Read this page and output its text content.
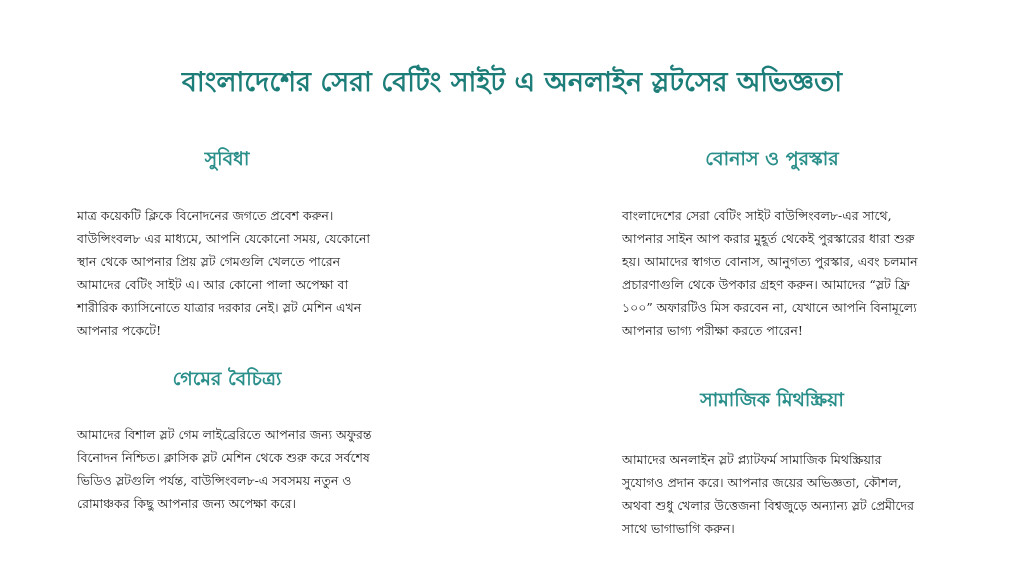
বাংলাদেশের সেরা বেটিং সাইট এ অনলাইন স্লটসের অভিজ্ঞতা
সুবিধা

মাত্র কয়েকটি ক্লিকে বিনোদনের জগতে প্রবেশ করুন। বাউন্সিংবল৮ এর মাধ্যমে, আপনি যেকোনো সময়, যেকোনো স্থান থেকে আপনার প্রিয় স্লট গেমগুলি খেলতে পারেন আমাদের বেটিং সাইট এ। আর কোনো পালা অপেক্ষা বা শারীরিক ক্যাসিনোতে যাত্রার দরকার নেই। স্লট মেশিন এখন আপনার পকেটে!

গেমের বৈচিত্র্য

আমাদের বিশাল স্লট গেম লাইব্রেরিতে আপনার জন্য অফুরন্ত বিনোদন নিশ্চিত। ক্লাসিক স্লট মেশিন থেকে শুরু করে সর্বশেষ ভিডিও স্লটগুলি পর্যন্ত, বাউন্সিংবল৮-এ সবসময় নতুন ও রোমাঞ্চকর কিছু আপনার জন্য অপেক্ষা করে।

বোনাস ও পুরস্কার

বাংলাদেশের সেরা বেটিং সাইট বাউন্সিংবল৮-এর সাথে, আপনার সাইন আপ করার মুহূর্ত থেকেই পুরস্কারের ধারা শুরু হয়। আমাদের স্বাগত বোনাস, আনুগত্য পুরস্কার, এবং চলমান প্রচারণাগুলি থেকে উপকার গ্রহণ করুন। আমাদের “স্লট ফ্রি ১০০” অফারটিও মিস করবেন না, যেখানে আপনি বিনামূল্যে আপনার ভাগ্য পরীক্ষা করতে পারেন!

সামাজিক মিথস্ক্রিয়া

আমাদের অনলাইন স্লট প্ল্যাটফর্ম সামাজিক মিথস্ক্রিয়ার সুযোগও প্রদান করে। আপনার জয়ের অভিজ্ঞতা, কৌশল, অথবা শুধু খেলার উত্তেজনা বিশ্বজুড়ে অন্যান্য স্লট প্রেমীদের সাথে ভাগাভাগি করুন।
